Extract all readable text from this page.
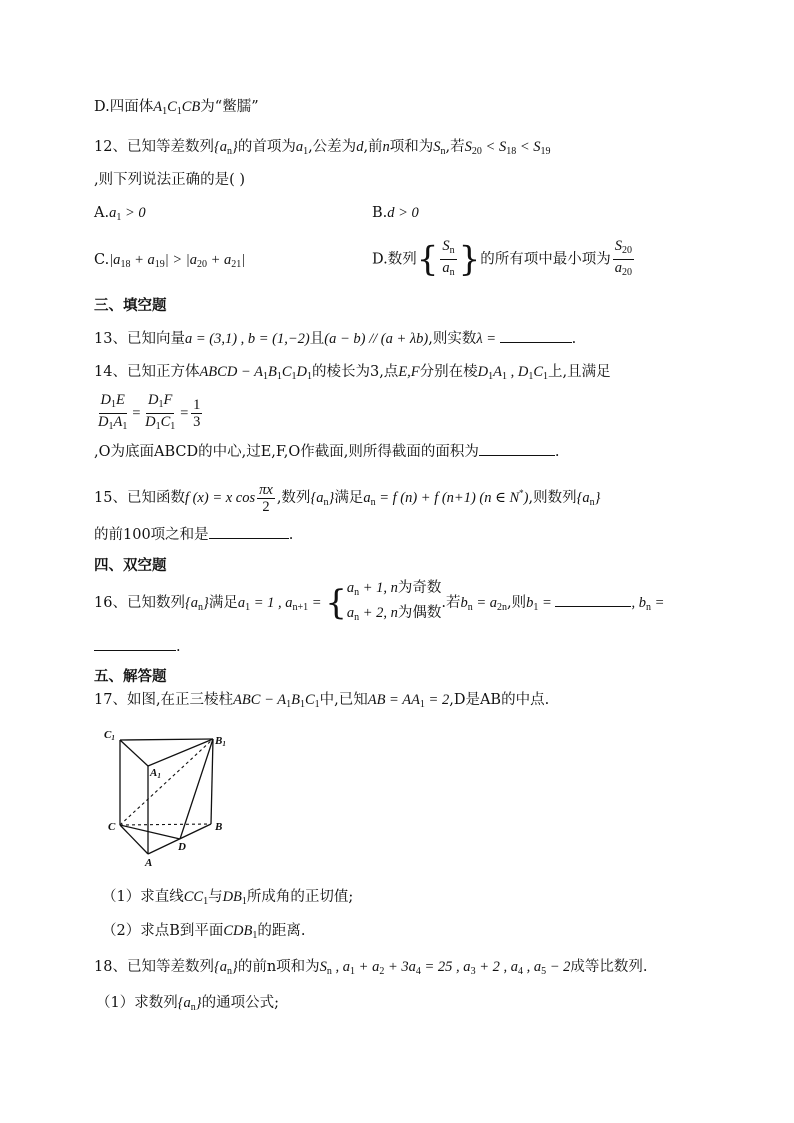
D.四面体$A_1C_1CB$为“鳖臑”
12、已知等差数列$\{a_n\}$的首项为$a_1$,公差为d,前n项和为$S_n$,若$S_{20} < S_{18} < S_{19}$
,则下列说法正确的是( )
$A.a_1 > 0$	B.d > 0
$C.|a_{18} + a_{19}| > |a_{20} + a_{21}|$	D.数列{ $\frac{S_n}{a_n}$ }的所有项中最小项为 $\frac{S_{20}}{a_{20}}$
三、填空题
13、已知向量a = (3,1) , b = (1,−2)且(a − b) // (a + λb),则实数λ =	.
14、已知正方体ABCD − $A_1B_1C_1D_1$的棱长为3,点E,F分别在棱$D_1A_1$ , $D_1C_1$上,且满足
$\frac{D_1E}{D_1A_1} = \frac{D_1F}{D_1C_1} = \frac{1}{3}$
,O为底面ABCD的中心,过E,F,O作截面,则所得截面的面积为	.
15、已知函数f (x) = x $\cos \frac{\pi x}{2}$ ,数列$\{a_n\}$满足$a_n = f$ (n) + f (n+1) (n ∈ N*),则数列$\{a_n\}$
的前100项之和是	.
四、双空题
16、已知数列$\{a_n\}$满足$a_1 = 1$ , $a_{n+1}$ = { $a_n + 1$, n为奇数
$a_n + 2$, n为偶数
.若$b_n = a_{2n}$,则$b_1$ =	, $b_n$ =
.
五、解答题
17、如图,在正三棱柱ABC − $A_1B_1C_1$中,已知AB = $AA_1 = 2,D$是AB的中点.
C1	B1
A1
C	B
D
A
（1）求直线$CC_1$与$DB_1$所成角的正切值;
（2）求点B到平面$CDB_1$的距离.
18、已知等差数列$\{a_n\}$的前n项和为$S_n$ , $a_1 + a_2 + 3a_4 = 25$ , $a_3 + 2$ , $a_4$ , $a_5 - 2$成等比数列.
（1）求数列$\{a_n\}$的通项公式;
